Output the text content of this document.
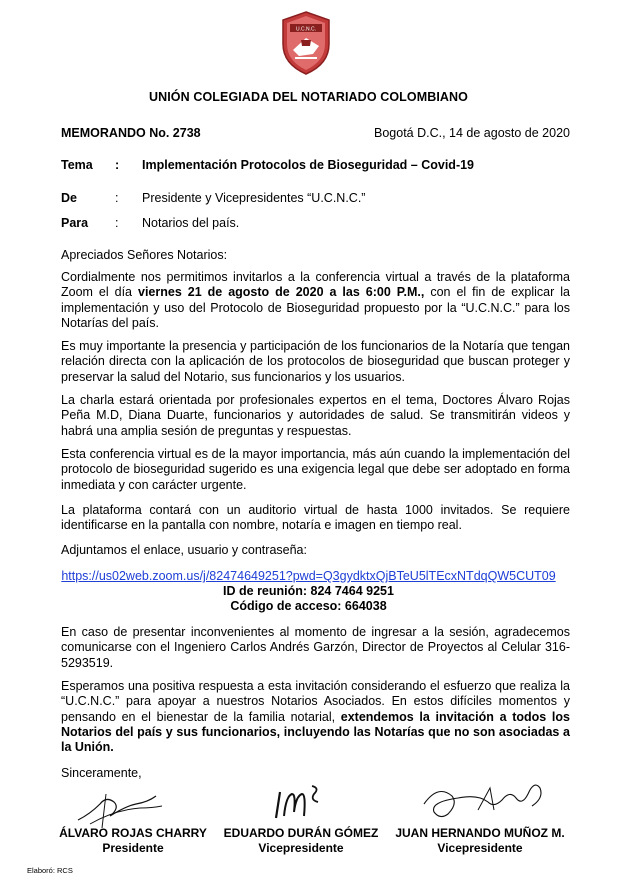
U.C.N.C.
UNIÓN COLEGIADA DEL NOTARIADO COLOMBIANO
MEMORANDO No. 2738	Bogotá D.C., 14 de agosto de 2020
Tema : Implementación Protocolos de Bioseguridad – Covid-19
De	: Presidente y Vicepresidentes “U.C.N.C.”
Para : Notarios del país.
Apreciados Señores Notarios:

Cordialmente nos permitimos invitarlos a la conferencia virtual a través de la plataforma Zoom el día viernes 21 de agosto de 2020 a las 6:00 P.M., con el fin de explicar la implementación y uso del Protocolo de Bioseguridad propuesto por la “U.C.N.C.” para los Notarías del país.

Es muy importante la presencia y participación de los funcionarios de la Notaría que tengan relación directa con la aplicación de los protocolos de bioseguridad que buscan proteger y preservar la salud del Notario, sus funcionarios y los usuarios.

La charla estará orientada por profesionales expertos en el tema, Doctores Álvaro Rojas Peña M.D, Diana Duarte, funcionarios y autoridades de salud. Se transmitirán videos y habrá una amplia sesión de preguntas y respuestas.

Esta conferencia virtual es de la mayor importancia, más aún cuando la implementación del protocolo de bioseguridad sugerido es una exigencia legal que debe ser adoptado en forma inmediata y con carácter urgente.

La plataforma contará con un auditorio virtual de hasta 1000 invitados. Se requiere identificarse en la pantalla con nombre, notaría e imagen en tiempo real.

Adjuntamos el enlace, usuario y contraseña:

https://us02web.zoom.us/j/82474649251?pwd=Q3gydktxQjBTeU5lTEcxNTdqQW5CUT09
ID de reunión: 824 7464 9251
Código de acceso: 664038

En caso de presentar inconvenientes al momento de ingresar a la sesión, agradecemos comunicarse con el Ingeniero Carlos Andrés Garzón, Director de Proyectos al Celular 316-5293519.

Esperamos una positiva respuesta a esta invitación considerando el esfuerzo que realiza la “U.C.N.C.” para apoyar a nuestros Notarios Asociados. En estos difíciles momentos y pensando en el bienestar de la familia notarial, extendemos la invitación a todos los Notarios del país y sus funcionarios, incluyendo las Notarías que no son asociadas a la Unión.

Sinceramente,
ÁLVARO ROJAS CHARRY
Presidente
EDUARDO DURÁN GÓMEZ
Vicepresidente
JUAN HERNANDO MUÑOZ M.
Vicepresidente
Elaboró: RCS
